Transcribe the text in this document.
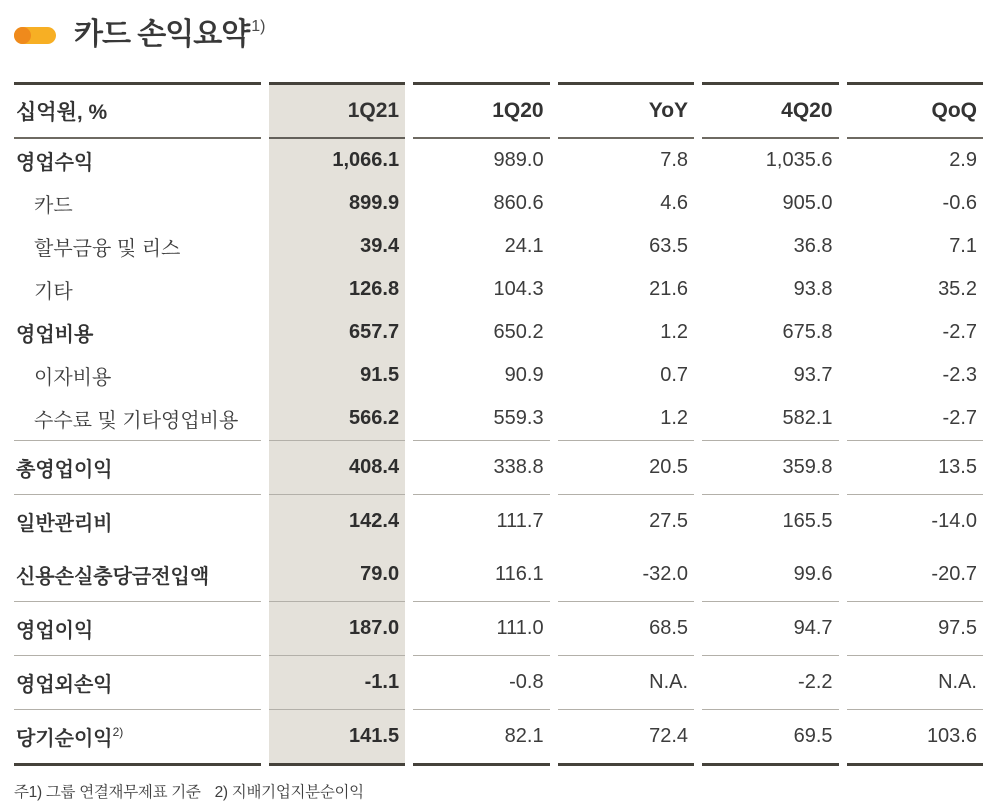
카드 손익요약 $^{1)}$
십억원, %	1Q21	1Q20	YoY	4Q20	QoQ
영업수익	1,066.1	989.0	7.8	1,035.6	2.9
카드	899.9	860.6	4.6	905.0	-0.6
할부금융 및 리스	39.4	24.1	63.5	36.8	7.1
기타	126.8	104.3	21.6	93.8	35.2
영업비용	657.7	650.2	1.2	675.8	-2.7
이자비용	91.5	90.9	0.7	93.7	-2.3
수수료 및 기타영업비용	566.2	559.3	1.2	582.1	-2.7
총영업이익	408.4	338.8	20.5	359.8	13.5
일반관리비	142.4	111.7	27.5	165.5	-14.0
신용손실충당금전입액	79.0	116.1	-32.0	99.6	-20.7
영업이익	187.0	111.0	68.5	94.7	97.5
영업외손익	-1.1	-0.8	N.A.	-2.2	N.A.
당기순이익$^{2)}$	141.5	82.1	72.4	69.5	103.6
주1) 그룹 연결재무제표 기준 2) 지배기업지분순이익
